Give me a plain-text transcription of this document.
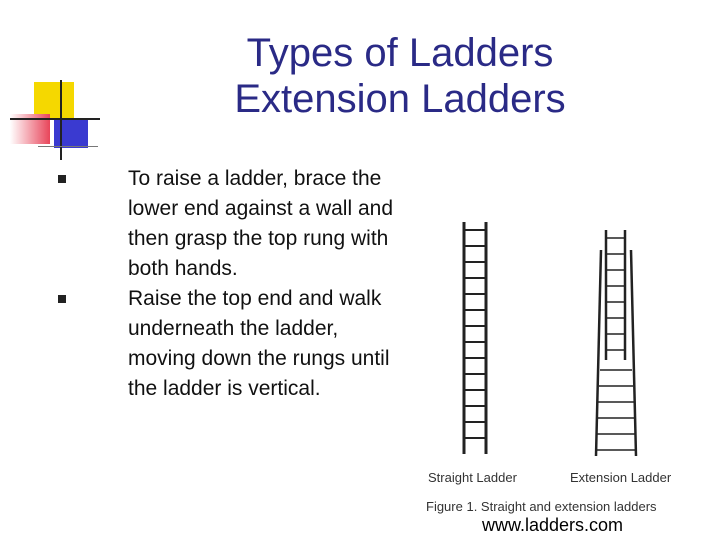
Types of Ladders
Extension Ladders
To raise a ladder, brace the lower end against a wall and then grasp the top rung with both hands.
Raise the top end and walk underneath the ladder, moving down the rungs until the ladder is vertical.
Straight Ladder	Extension Ladder
Figure 1. Straight and extension ladders
www.ladders.com
